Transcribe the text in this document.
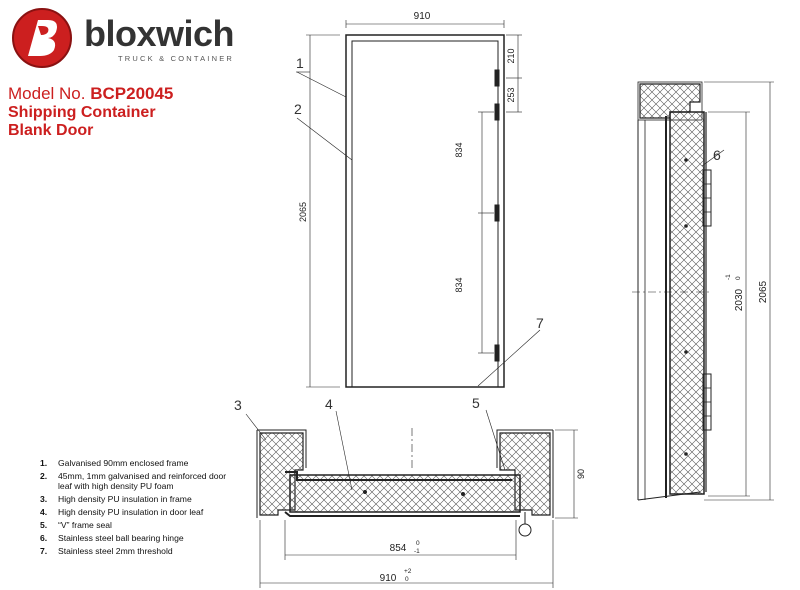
bloxwich
TRUCK & CONTAINER
Model No. BCP20045
Shipping Container
Blank Door
1.	Galvanised 90mm enclosed frame
2.	45mm, 1mm galvanised and reinforced door leaf with high density PU foam
3.	High density PU insulation in frame
4.	High density PU insulation in door leaf
5.	“V” frame seal
6.	Stainless steel ball bearing hinge
7.	Stainless steel 2mm threshold
910
2065
210
253
834
834
1
2
7
90
854 0
-1
910
+2
0
3	4	5
6
2030
-1 0
2065
